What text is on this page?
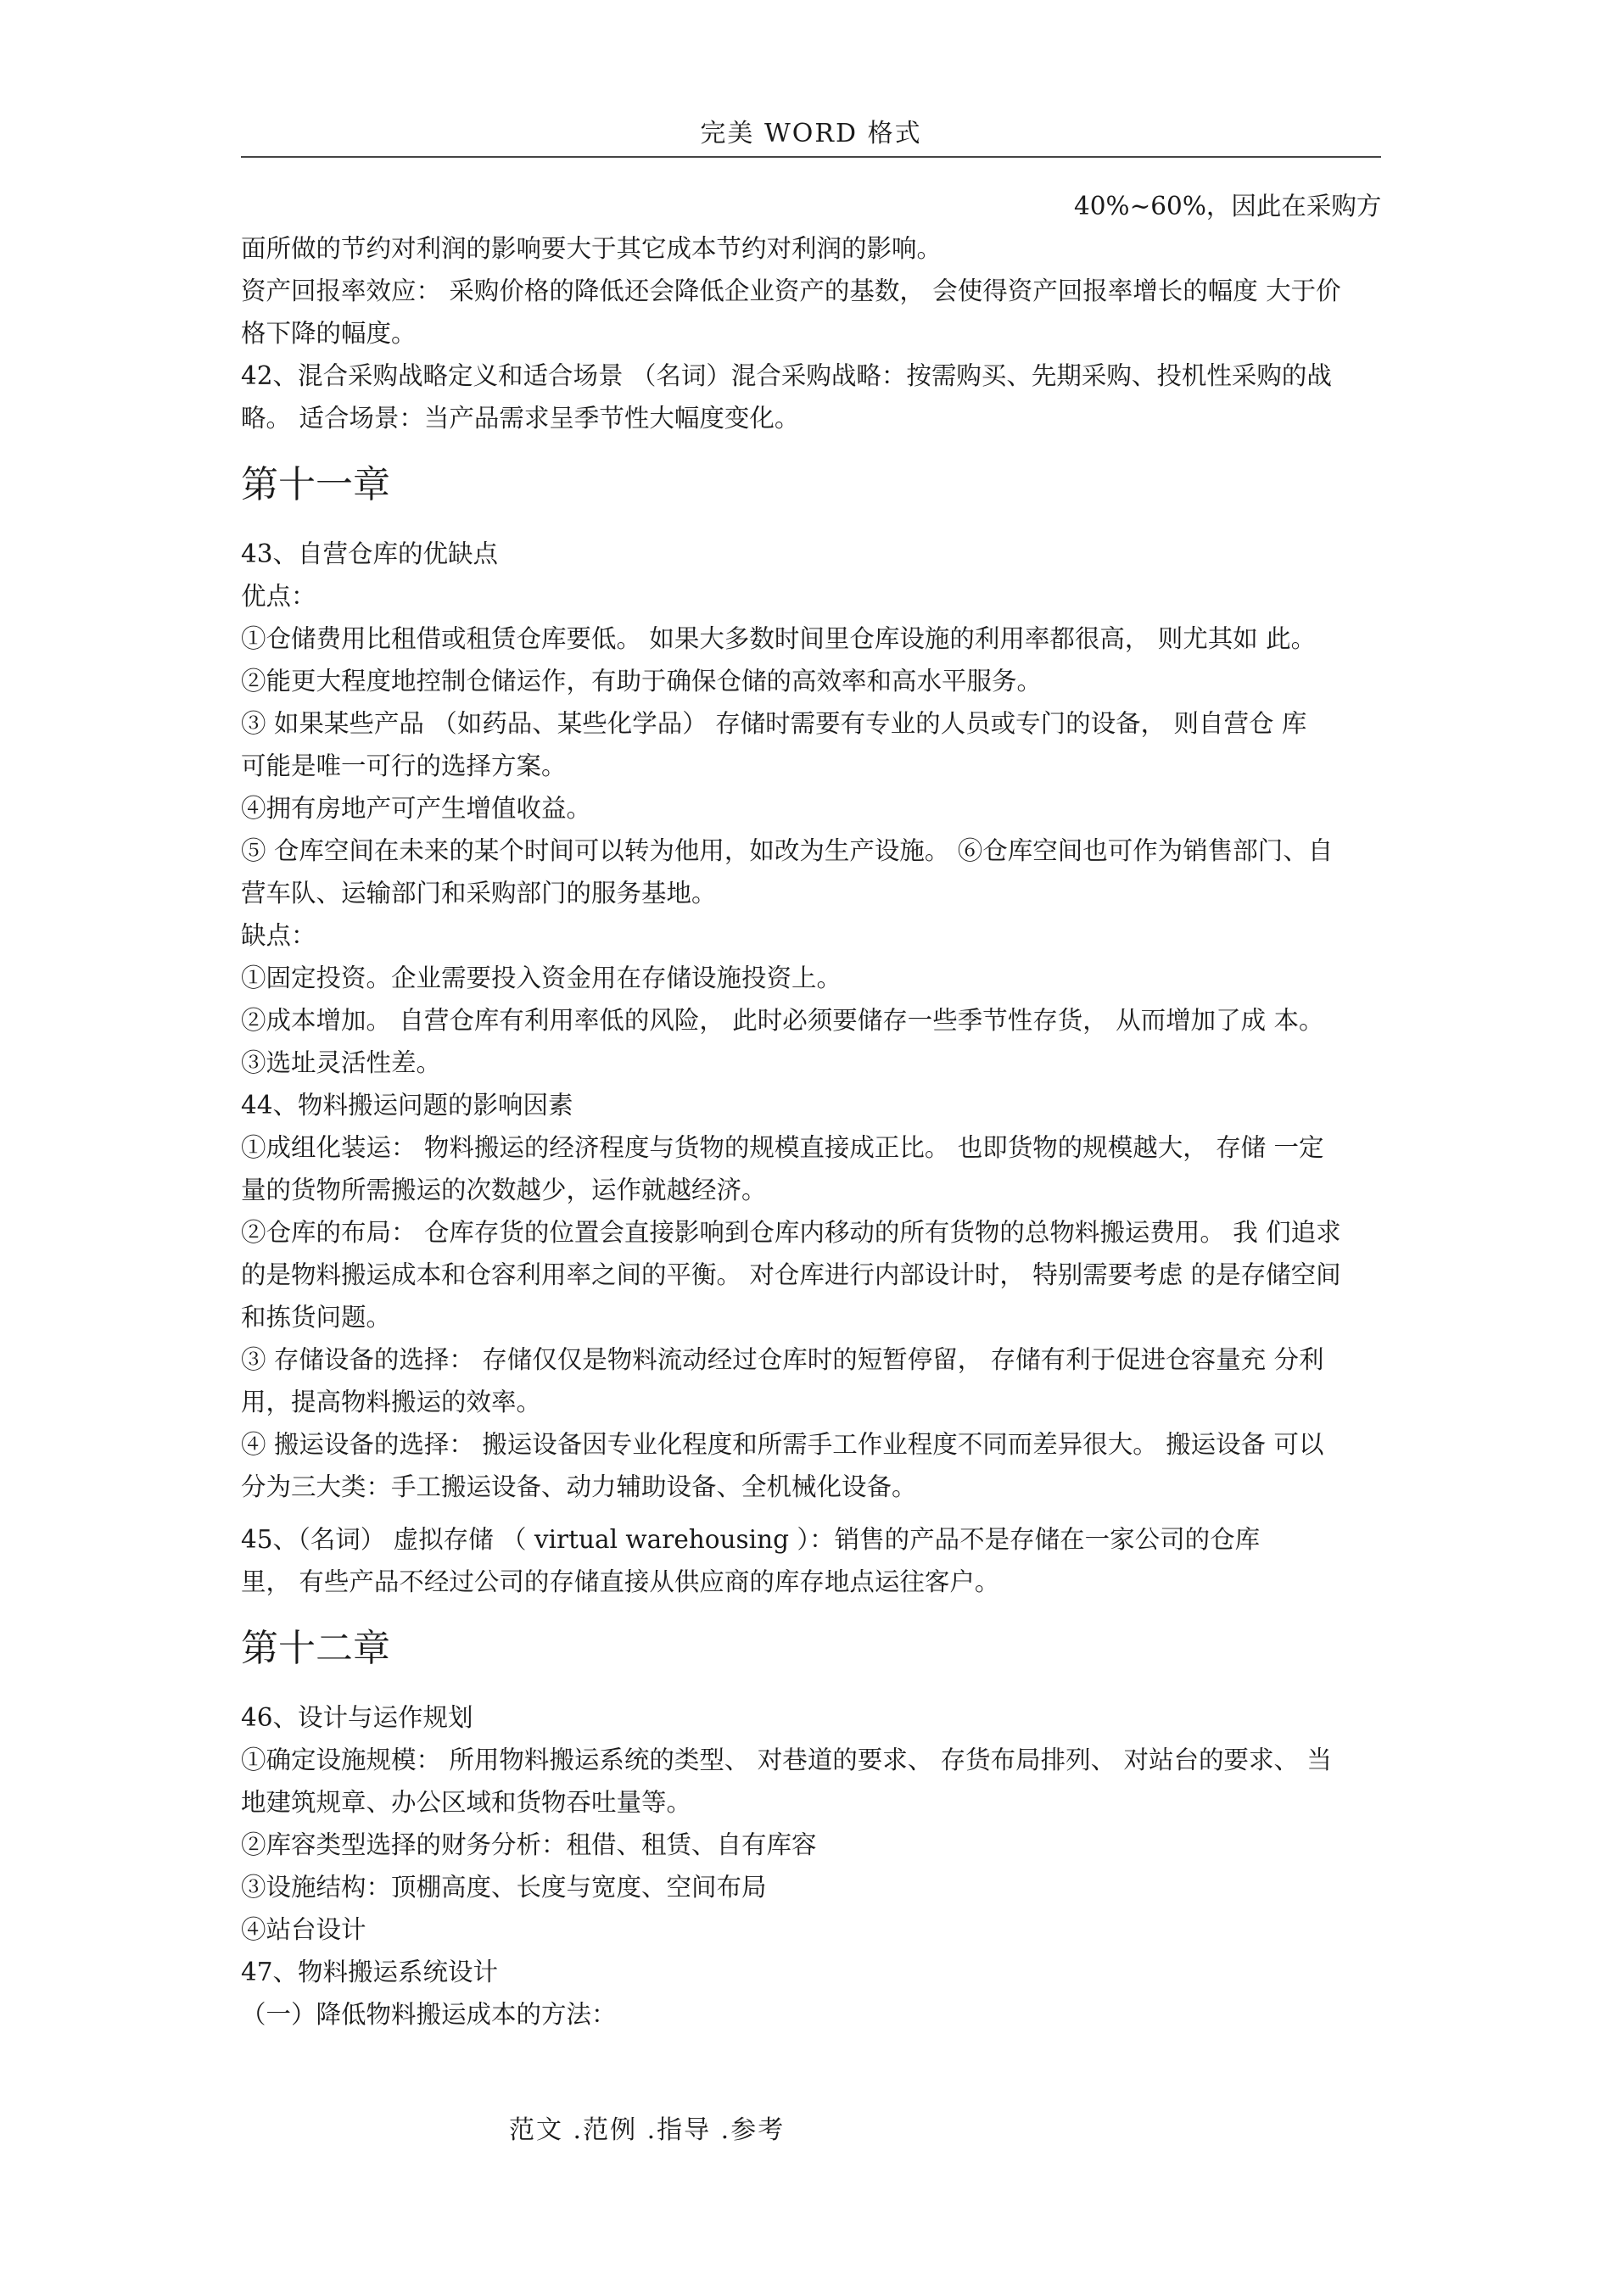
完美 WORD 格式

40%~60%，因此在采购方

面所做的节约对利润的影响要大于其它成本节约对利润的影响。

资产回报率效应： 采购价格的降低还会降低企业资产的基数， 会使得资产回报率增长的幅度 大于价

格下降的幅度。

42、混合采购战略定义和适合场景 （名词）混合采购战略：按需购买、先期采购、投机性采购的战

略。 适合场景：当产品需求呈季节性大幅度变化。

第十一章

43、自营仓库的优缺点

优点：

①仓储费用比租借或租赁仓库要低。 如果大多数时间里仓库设施的利用率都很高， 则尤其如 此。

②能更大程度地控制仓储运作，有助于确保仓储的高效率和高水平服务。

③ 如果某些产品 （如药品、某些化学品） 存储时需要有专业的人员或专门的设备， 则自营仓 库

可能是唯一可行的选择方案。

④拥有房地产可产生增值收益。

⑤ 仓库空间在未来的某个时间可以转为他用，如改为生产设施。 ⑥仓库空间也可作为销售部门、自

营车队、运输部门和采购部门的服务基地。

缺点：

①固定投资。企业需要投入资金用在存储设施投资上。

②成本增加。 自营仓库有利用率低的风险， 此时必须要储存一些季节性存货， 从而增加了成 本。

③选址灵活性差。

44、物料搬运问题的影响因素

①成组化装运： 物料搬运的经济程度与货物的规模直接成正比。 也即货物的规模越大， 存储 一定

量的货物所需搬运的次数越少，运作就越经济。

②仓库的布局： 仓库存货的位置会直接影响到仓库内移动的所有货物的总物料搬运费用。 我 们追求

的是物料搬运成本和仓容利用率之间的平衡。 对仓库进行内部设计时， 特别需要考虑 的是存储空间

和拣货问题。

③ 存储设备的选择： 存储仅仅是物料流动经过仓库时的短暂停留， 存储有利于促进仓容量充 分利

用，提高物料搬运的效率。

④ 搬运设备的选择： 搬运设备因专业化程度和所需手工作业程度不同而差异很大。 搬运设备 可以

分为三大类：手工搬运设备、动力辅助设备、全机械化设备。

45、（名词） 虚拟存储 （ virtual warehousing ）：销售的产品不是存储在一家公司的仓库

里， 有些产品不经过公司的存储直接从供应商的库存地点运往客户。

第十二章

46、设计与运作规划

①确定设施规模： 所用物料搬运系统的类型、 对巷道的要求、 存货布局排列、 对站台的要求、 当

地建筑规章、办公区域和货物吞吐量等。

②库容类型选择的财务分析：租借、租赁、自有库容

③设施结构：顶棚高度、长度与宽度、空间布局

④站台设计

47、物料搬运系统设计

（一）降低物料搬运成本的方法：

范文 .范例 .指导 .参考
